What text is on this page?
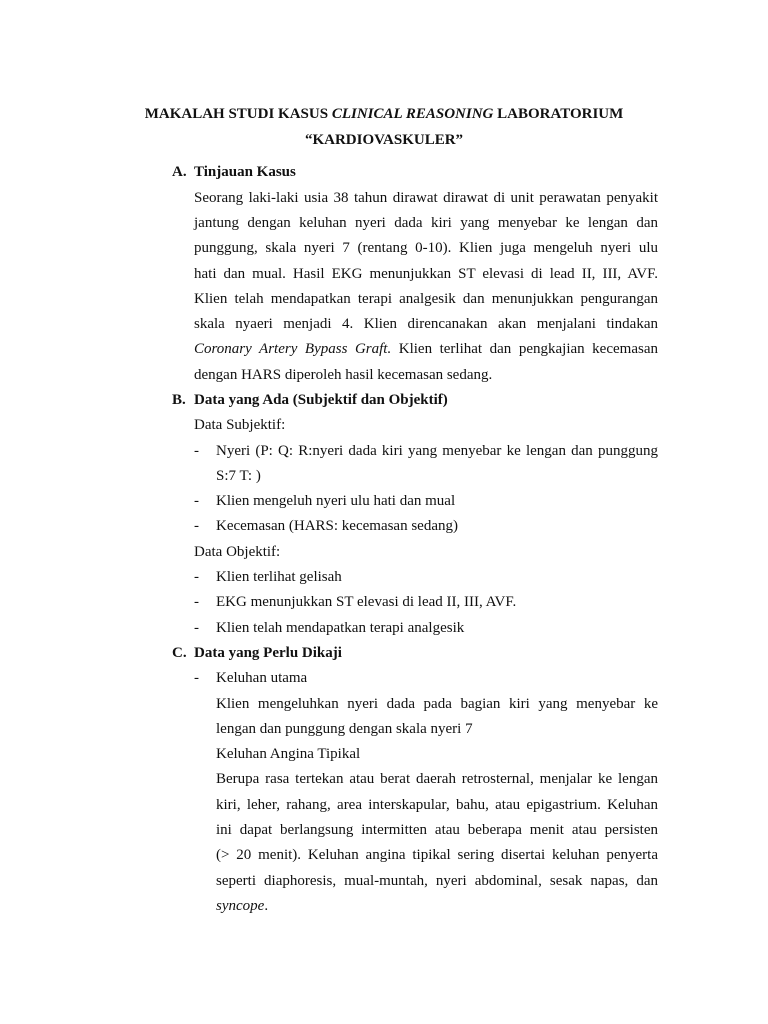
MAKALAH STUDI KASUS CLINICAL REASONING LABORATORIUM
“KARDIOVASKULER”
A. Tinjauan Kasus
Seorang laki-laki usia 38 tahun dirawat dirawat di unit perawatan penyakit
jantung dengan keluhan nyeri dada kiri yang menyebar ke lengan dan
punggung, skala nyeri 7 (rentang 0-10). Klien juga mengeluh nyeri ulu
hati dan mual. Hasil EKG menunjukkan ST elevasi di lead II, III, AVF.
Klien telah mendapatkan terapi analgesik dan menunjukkan pengurangan
skala nyaeri menjadi 4. Klien direncanakan akan menjalani tindakan
Coronary Artery Bypass Graft. Klien terlihat dan pengkajian kecemasan
dengan HARS diperoleh hasil kecemasan sedang.
B. Data yang Ada (Subjektif dan Objektif)
Data Subjektif:
- Nyeri (P: Q: R:nyeri dada kiri yang menyebar ke lengan dan punggung
S:7 T: )
- Klien mengeluh nyeri ulu hati dan mual
- Kecemasan (HARS: kecemasan sedang)
Data Objektif:
- Klien terlihat gelisah
- EKG menunjukkan ST elevasi di lead II, III, AVF.
- Klien telah mendapatkan terapi analgesik
C. Data yang Perlu Dikaji
- Keluhan utama
Klien mengeluhkan nyeri dada pada bagian kiri yang menyebar ke
lengan dan punggung dengan skala nyeri 7
Keluhan Angina Tipikal
Berupa rasa tertekan atau berat daerah retrosternal, menjalar ke lengan
kiri, leher, rahang, area interskapular, bahu, atau epigastrium. Keluhan
ini dapat berlangsung intermitten atau beberapa menit atau persisten
(> 20 menit). Keluhan angina tipikal sering disertai keluhan penyerta
seperti diaphoresis, mual-muntah, nyeri abdominal, sesak napas, dan
syncope.
